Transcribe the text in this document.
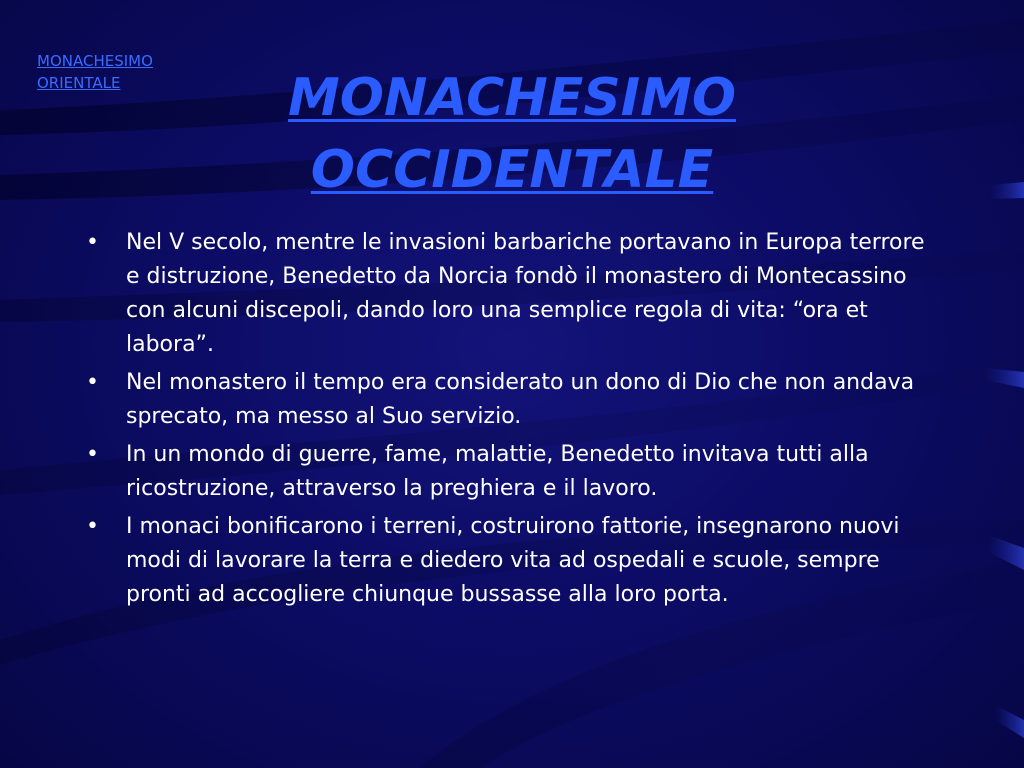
MONACHESIMO
ORIENTALE	MONACHESIMO
OCCIDENTALE
•	Nel V secolo, mentre le invasioni barbariche portavano in Europa terrore e distruzione, Benedetto da Norcia fondò il monastero di Montecassino con alcuni discepoli, dando loro una semplice regola di vita: “ora et labora”.
•	Nel monastero il tempo era considerato un dono di Dio che non andava sprecato, ma messo al Suo servizio.
•	In un mondo di guerre, fame, malattie, Benedetto invitava tutti alla ricostruzione, attraverso la preghiera e il lavoro.
•	I monaci bonificarono i terreni, costruirono fattorie, insegnarono nuovi modi di lavorare la terra e diedero vita ad ospedali e scuole, sempre pronti ad accogliere chiunque bussasse alla loro porta.
